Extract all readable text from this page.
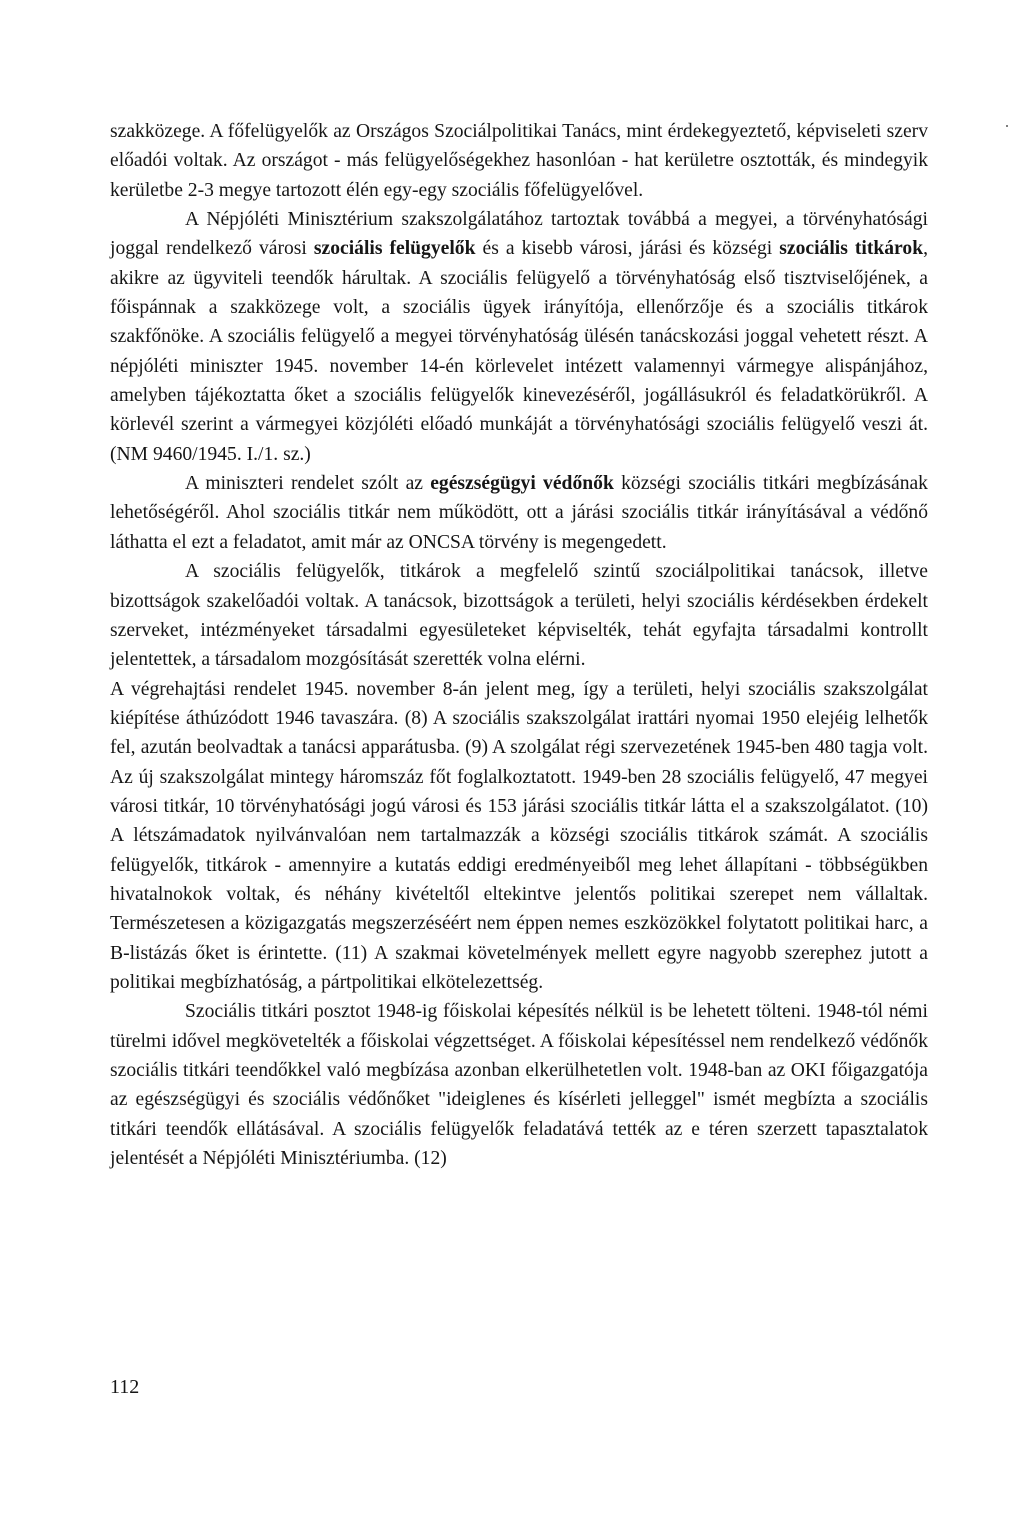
szakközege. A főfelügyelők az Országos Szociálpolitikai Tanács, mint érdekegyeztető, képviseleti szerv előadói voltak. Az országot - más felügyelőségekhez hasonlóan - hat kerületre osztották, és mindegyik kerületbe 2-3 megye tartozott élén egy-egy szociális főfelügyelővel.

A Népjóléti Minisztérium szakszolgálatához tartoztak továbbá a megyei, a törvényhatósági joggal rendelkező városi szociális felügyelők és a kisebb városi, járási és községi szociális titkárok, akikre az ügyviteli teendők hárultak. A szociális felügyelő a törvényhatóság első tisztviselőjének, a főispánnak a szakközege volt, a szociális ügyek irányítója, ellenőrzője és a szociális titkárok szakfőnöke. A szociális felügyelő a megyei törvényhatóság ülésén tanácskozási joggal vehetett részt. A népjóléti miniszter 1945. november 14-én körlevelet intézett valamennyi vármegye alispánjához, amelyben tájékoztatta őket a szociális felügyelők kinevezéséről, jogállásukról és feladatkörükről. A körlevél szerint a vármegyei közjóléti előadó munkáját a törvényhatósági szociális felügyelő veszi át. (NM 9460/1945. I./1. sz.)

A miniszteri rendelet szólt az egészségügyi védőnők községi szociális titkári megbízásának lehetőségéről. Ahol szociális titkár nem működött, ott a járási szociális titkár irányításával a védőnő láthatta el ezt a feladatot, amit már az ONCSA törvény is megengedett.

A szociális felügyelők, titkárok a megfelelő szintű szociálpolitikai tanácsok, illetve bizottságok szakelőadói voltak. A tanácsok, bizottságok a területi, helyi szociális kérdésekben érdekelt szerveket, intézményeket társadalmi egyesületeket képviselték, tehát egyfajta társadalmi kontrollt jelentettek, a társadalom mozgósítását szerették volna elérni.

A végrehajtási rendelet 1945. november 8-án jelent meg, így a területi, helyi szociális szakszolgálat kiépítése áthúzódott 1946 tavaszára. (8) A szociális szakszolgálat irattári nyomai 1950 elejéig lelhetők fel, azután beolvadtak a tanácsi apparátusba. (9) A szolgálat régi szervezetének 1945-ben 480 tagja volt. Az új szakszolgálat mintegy háromszáz főt foglalkoztatott. 1949-ben 28 szociális felügyelő, 47 megyei városi titkár, 10 törvényhatósági jogú városi és 153 járási szociális titkár látta el a szakszolgálatot. (10) A létszámadatok nyilvánvalóan nem tartalmazzák a községi szociális titkárok számát. A szociális felügyelők, titkárok - amennyire a kutatás eddigi eredményeiből meg lehet állapítani - többségükben hivatalnokok voltak, és néhány kivételtől eltekintve jelentős politikai szerepet nem vállaltak. Természetesen a közigazgatás megszerzéséért nem éppen nemes eszközökkel folytatott politikai harc, a B-listázás őket is érintette. (11) A szakmai követelmények mellett egyre nagyobb szerephez jutott a politikai megbízhatóság, a pártpolitikai elkötelezettség.

Szociális titkári posztot 1948-ig főiskolai képesítés nélkül is be lehetett tölteni. 1948-tól némi türelmi idővel megkövetelték a főiskolai végzettséget. A főiskolai képesítéssel nem rendelkező védőnők szociális titkári teendőkkel való megbízása azonban elkerülhetetlen volt. 1948-ban az OKI főigazgatója az egészségügyi és szociális védőnőket "ideiglenes és kísérleti jelleggel" ismét megbízta a szociális titkári teendők ellátásával. A szociális felügyelők feladatává tették az e téren szerzett tapasztalatok jelentését a Népjóléti Minisztériumba. (12)

112
